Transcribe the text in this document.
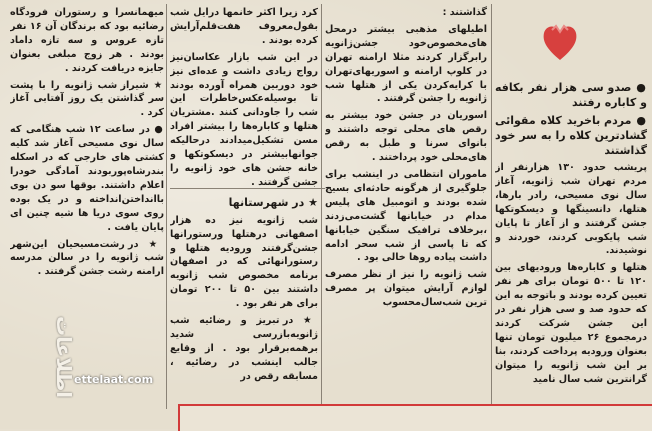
● صدو سی هزار نفر بکافه و کاباره رفتند

● مردم باخرید کلاه مقوائی گشادترین کلاه را به سر خود گذاشتند

پریشب حدود ۱۳۰ هزارنفر از مردم تهران شب ژانویه، آغاز سال نوی مسیحی، رادر بارها، هتلها، دانسینگها و دیسکوتکها جشن گرفتند و از آغاز تا پایان شب پایکوبی کردند، خوردند و نوشیدند.

هتلها و کاباره‌ها ورودیهای بین ۱۲۰ تا ۵۰۰ تومان برای هر نفر تعیین کرده بودند و باتوجه به این که حدود صد و سی هزار نفر در این جشن شرکت کردند درمجموع ۲۶ میلیون تومان تنها بعنوان ورودیه پرداخت کردند، بنا بر این شب ژانویه را میتوان گرانترین شب سال نامید

گذاشتند :

اطیلهای مذهبی بیشتر درمحل های‌مخصوص‌خود جشن‌ژانویه رابرگزار کردند مثلا ارامنه تهران در کلوپ ارامنه و اسوریهای‌تهران با کرایه‌کردن یکی از هتلها شب ژانویه را جشن گرفتند .

اسوریان در جشن خود بیشتر به رقص های محلی توجه داشتند و بانوای سرنا و طبل به رقص های‌محلی خود پرداختند .

ماموران انتظامی در اینشب برای جلوگیری از هرگونه حادثه‌ای بسیج شده بودند و اتومبیل های پلیس مدام در خیابانها گشت‌می‌زدند ،برخلاف ترافیک سنگین خیابانها که تا پاسی از شب سحر ادامه داشت پیاده روها خالی بود .

شب ژانویه را نیز از نظر مصرف لوازم آرایش میتوان پر مصرف ترین شب‌سال‌محسوب

کرد زیرا اکثر خانمها درایل شب بقول‌معروف هفت‌قلم‌آرایش کرده بودند .

در این شب بازار عکاسان‌نیز رواج زیادی داشت و عده‌ای نیز خود دوربین همراه آورده بودند تا بوسیله‌عکس‌خاطرات این شب را جاودانی کنند .مشتریان هتلها و کاباره‌ها را بیشتر افراد مسن تشکیل‌میدادند درحالیکه جوانها‌بیشتر در دیسکوتکها و خانه جشن های خود ژانویه را جشن گرفتند .

★ در شهرستانها

شب ژانویه نیز ده هزار اصفهانی درهتلها ورستورانها جشن‌گرفتند ورودیه هتلها و رستورانهائی که در اصفهان برنامه مخصوص شب ژانویه داشتند بین ۵۰ تا ۲۰۰ تومان برای هر نفر بود .

★ در تبریز و رضائیه شب ژانویه‌بازرسی شدید برهمه‌برقرار بود . از وقایع جالب اینشب در رضائیه ، مسابقه رقص در

میهمانسرا و رستوران فرودگاه رضائیه بود که برندگان آن ۱۶ نفر تازه عروس و سه تازه داماد بودند . هر زوج مبلغی بعنوان جایزه دریافت کردند .

★ شیراز شب ژانویه را با پشت سر گذاشتن یک روز آفتابی آغاز کرد .

● در ساعت ۱۲ شب هنگامی که سال نوی مسیحی آغاز شد کلیه کشتی های خارجی که در اسکله بندرشاه‌پوربودند آمادگی خودرا اعلام داشتند. بوقها سو‌ دن بوی با‌انداختن‌انداخته و در یک بوده‌ روی سوی دریا ها شیه چنین ای پایان یافت .

★ در رشت‌مسیحیان این‌شهر شب ژانویه را در سالن مدرسه ارامنه رشت جشن گرفتند .

اطلاعات
ettelaat.com
